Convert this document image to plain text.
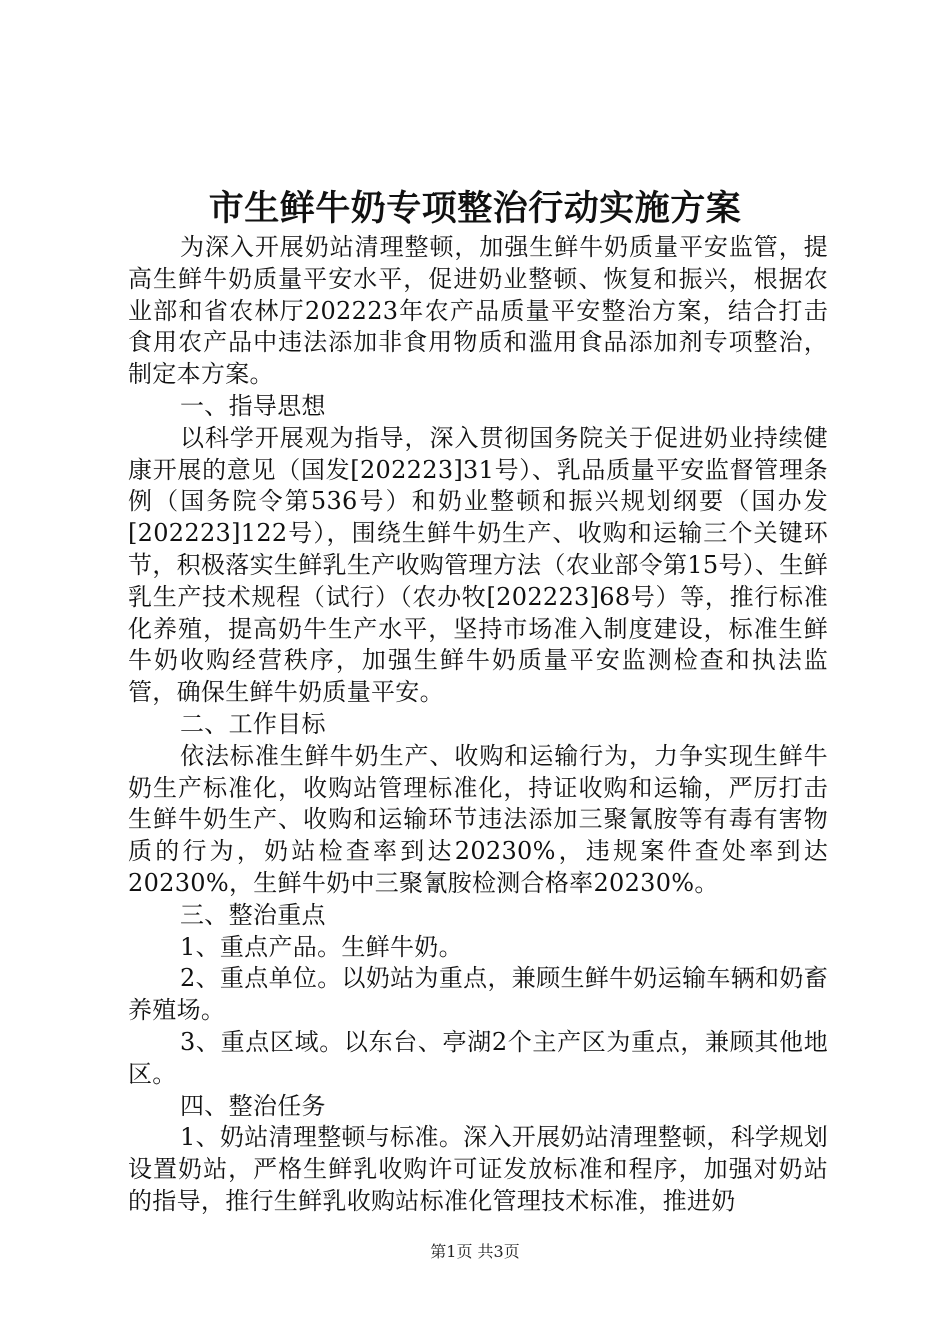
市生鲜牛奶专项整治行动实施方案

为深入开展奶站清理整顿，加强生鲜牛奶质量平安监管，提高生鲜牛奶质量平安水平，促进奶业整顿、恢复和振兴，根据农业部和省农林厅202223年农产品质量平安整治方案，结合打击食用农产品中违法添加非食用物质和滥用食品添加剂专项整治，制定本方案。

一、指导思想

以科学开展观为指导，深入贯彻国务院关于促进奶业持续健康开展的意见（国发[202223]31号）、乳品质量平安监督管理条例（国务院令第536号）和奶业整顿和振兴规划纲要（国办发[202223]122号），围绕生鲜牛奶生产、收购和运输三个关键环节，积极落实生鲜乳生产收购管理方法（农业部令第15号）、生鲜乳生产技术规程（试行）（农办牧[202223]68号）等，推行标准化养殖，提高奶牛生产水平，坚持市场准入制度建设，标准生鲜牛奶收购经营秩序，加强生鲜牛奶质量平安监测检查和执法监管，确保生鲜牛奶质量平安。

二、工作目标

依法标准生鲜牛奶生产、收购和运输行为，力争实现生鲜牛奶生产标准化，收购站管理标准化，持证收购和运输，严厉打击生鲜牛奶生产、收购和运输环节违法添加三聚氰胺等有毒有害物质的行为，奶站检查率到达20230%，违规案件查处率到达20230%，生鲜牛奶中三聚氰胺检测合格率20230%。

三、整治重点

1、重点产品。生鲜牛奶。

2、重点单位。以奶站为重点，兼顾生鲜牛奶运输车辆和奶畜养殖场。

3、重点区域。以东台、亭湖2个主产区为重点，兼顾其他地区。

四、整治任务

1、奶站清理整顿与标准。深入开展奶站清理整顿，科学规划设置奶站，严格生鲜乳收购许可证发放标准和程序，加强对奶站的指导，推行生鲜乳收购站标准化管理技术标准，推进奶

第1页 共3页
